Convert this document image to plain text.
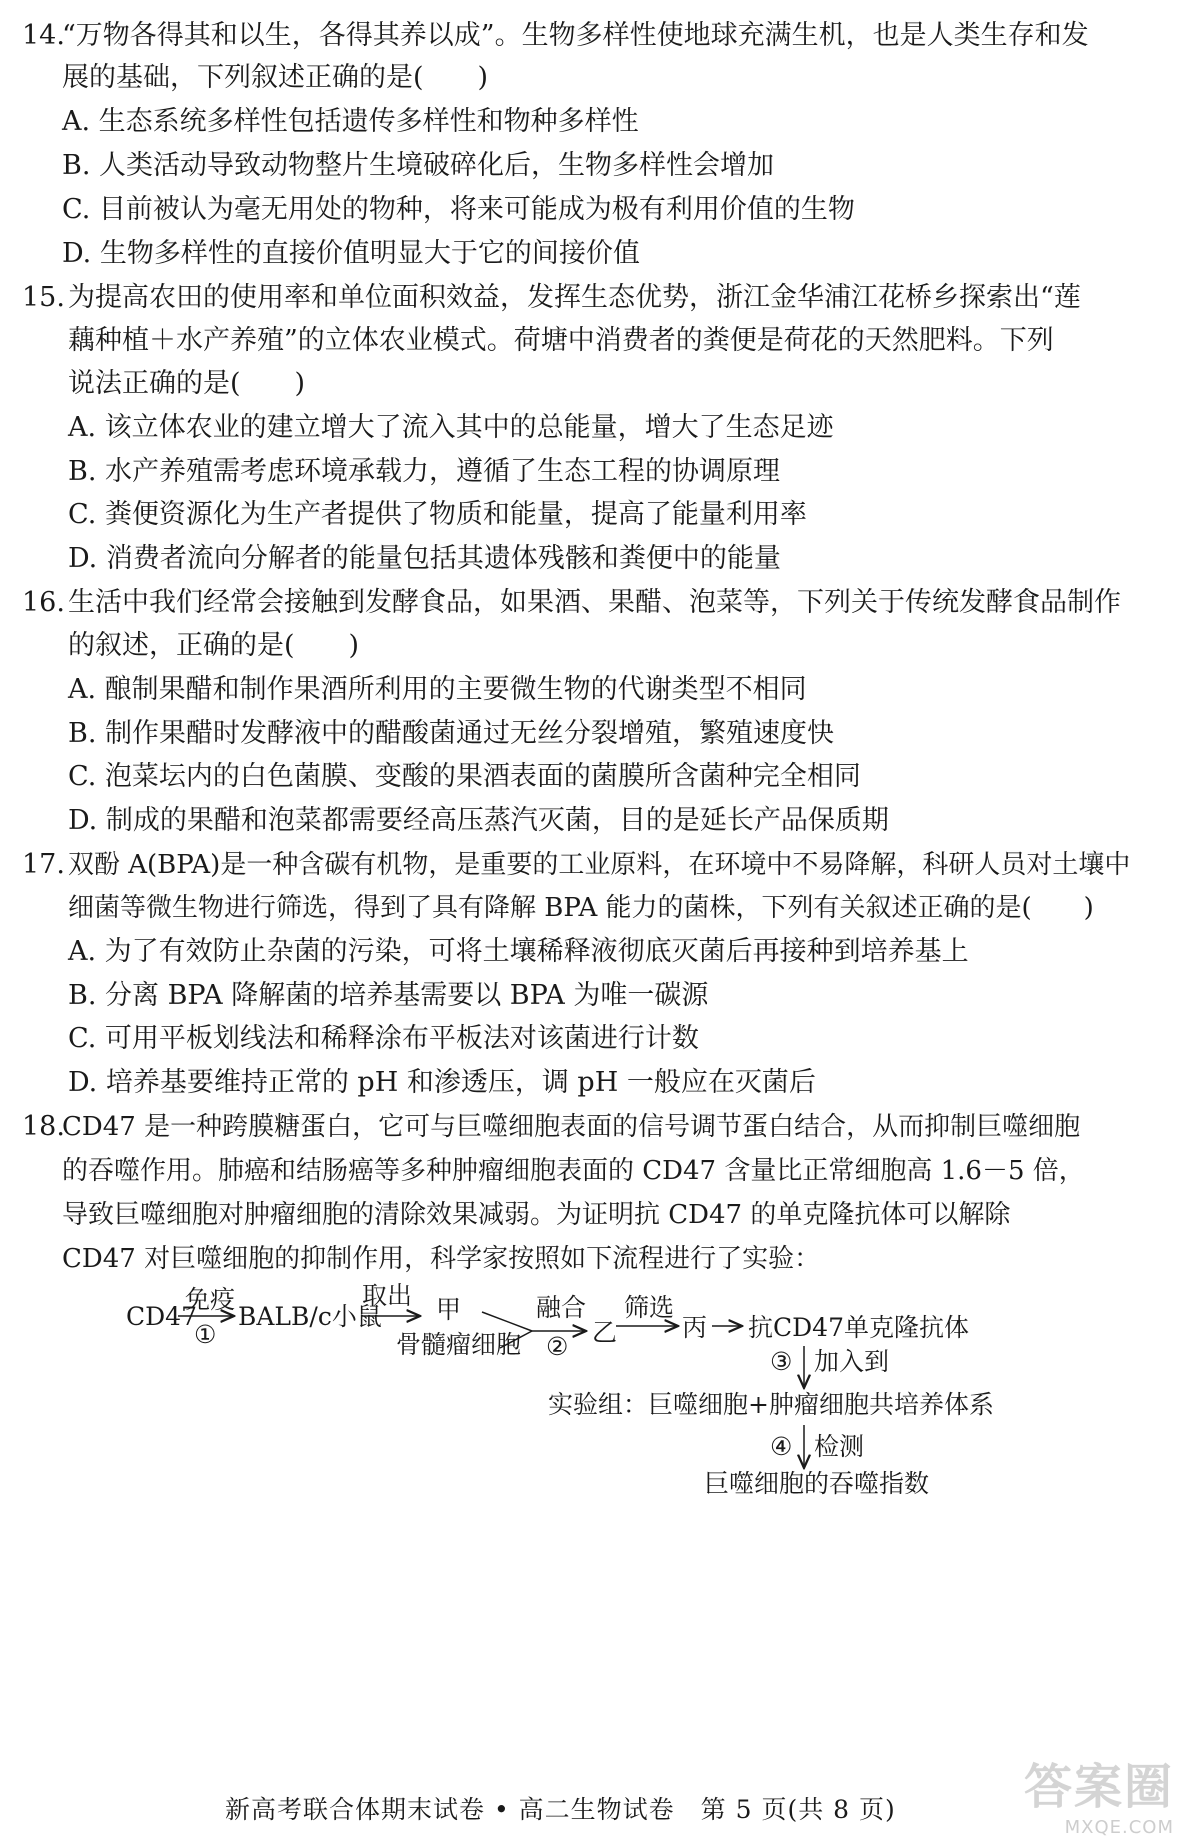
14.
“万物各得其和以生，各得其养以成”。生物多样性使地球充满生机，也是人类生存和发
展的基础，下列叙述正确的是(　　)
A. 生态系统多样性包括遗传多样性和物种多样性
B. 人类活动导致动物整片生境破碎化后，生物多样性会增加
C. 目前被认为毫无用处的物种，将来可能成为极有利用价值的生物
D. 生物多样性的直接价值明显大于它的间接价值
15. 为提高农田的使用率和单位面积效益，发挥生态优势，浙江金华浦江花桥乡探索出“莲
藕种植＋水产养殖”的立体农业模式。荷塘中消费者的粪便是荷花的天然肥料。下列
说法正确的是(　　)
A. 该立体农业的建立增大了流入其中的总能量，增大了生态足迹
B. 水产养殖需考虑环境承载力，遵循了生态工程的协调原理
C. 粪便资源化为生产者提供了物质和能量，提高了能量利用率
D. 消费者流向分解者的能量包括其遗体残骸和粪便中的能量
16. 生活中我们经常会接触到发酵食品，如果酒、果醋、泡菜等，下列关于传统发酵食品制作
的叙述，正确的是(　　)
A. 酿制果醋和制作果酒所利用的主要微生物的代谢类型不相同
B. 制作果醋时发酵液中的醋酸菌通过无丝分裂增殖，繁殖速度快
C. 泡菜坛内的白色菌膜、变酸的果酒表面的菌膜所含菌种完全相同
D. 制成的果醋和泡菜都需要经高压蒸汽灭菌，目的是延长产品保质期
17. 双酚 A(BPA)是一种含碳有机物，是重要的工业原料，在环境中不易降解，科研人员对土壤中
细菌等微生物进行筛选，得到了具有降解 BPA 能力的菌株，下列有关叙述正确的是(　　)
A. 为了有效防止杂菌的污染，可将土壤稀释液彻底灭菌后再接种到培养基上
B. 分离 BPA 降解菌的培养基需要以 BPA 为唯一碳源
C. 可用平板划线法和稀释涂布平板法对该菌进行计数
D. 培养基要维持正常的 pH 和渗透压，调 pH 一般应在灭菌后
18.
CD47 是一种跨膜糖蛋白，它可与巨噬细胞表面的信号调节蛋白结合，从而抑制巨噬细胞
的吞噬作用。肺癌和结肠癌等多种肿瘤细胞表面的 CD47 含量比正常细胞高 1.6－5 倍，
导致巨噬细胞对肿瘤细胞的清除效果减弱。为证明抗 CD47 的单克隆抗体可以解除
CD47 对巨噬细胞的抑制作用，科学家按照如下流程进行了实验：
CD47
免疫
①
BALB/c小鼠
取出 甲
骨髓瘤细胞
融合
② 乙
筛选
丙 抗CD47单克隆抗体
③ 加入到
实验组：巨噬细胞+肿瘤细胞共培养体系
④ 检测
巨噬细胞的吞噬指数
新高考联合体期末试卷 • 高二生物试卷　第 5 页(共 8 页)	答案圈
MXQE.COM
